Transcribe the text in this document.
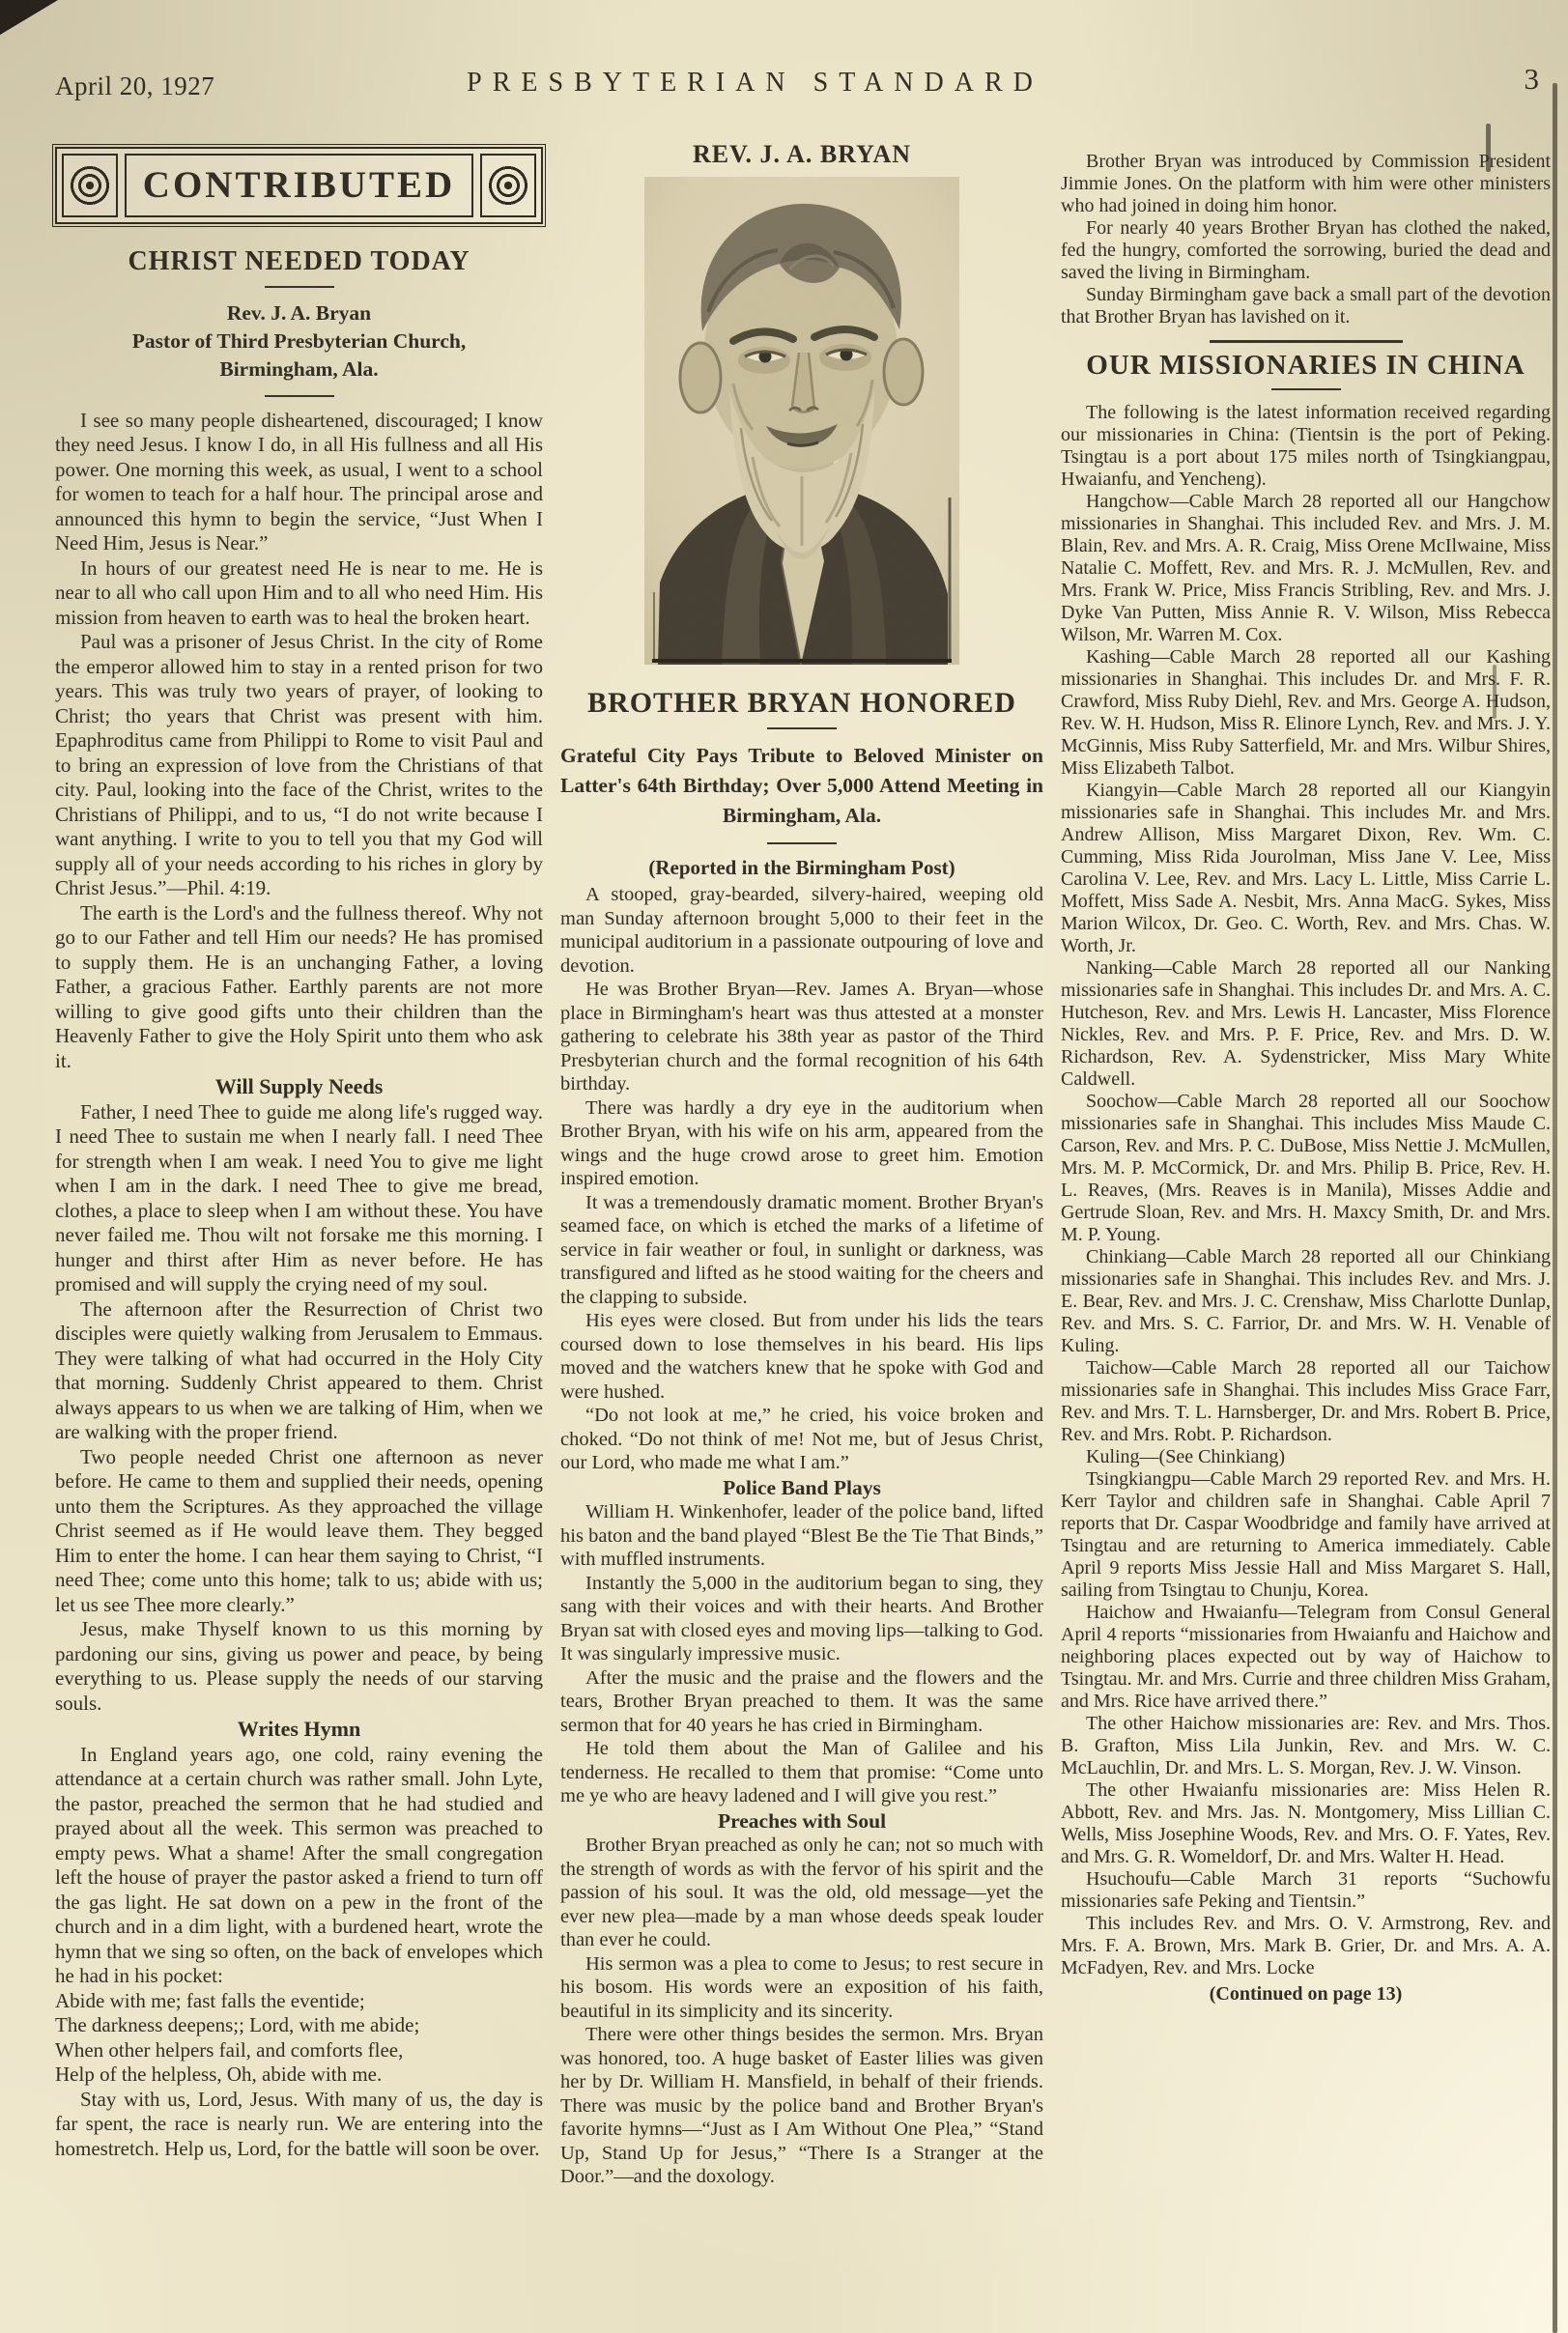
April 20, 1927	PRESBYTERIAN STANDARD	3
CONTRIBUTED
CHRIST NEEDED TODAY
Rev. J. A. Bryan
Pastor of Third Presbyterian Church,
Birmingham, Ala.

I see so many people disheartened, discouraged; I know they need Jesus. I know I do, in all His fullness and all His power. One morning this week, as usual, I went to a school for women to teach for a half hour. The principal arose and announced this hymn to begin the service, “Just When I Need Him, Jesus is Near.”

In hours of our greatest need He is near to me. He is near to all who call upon Him and to all who need Him. His mission from heaven to earth was to heal the broken heart.

Paul was a prisoner of Jesus Christ. In the city of Rome the emperor allowed him to stay in a rented prison for two years. This was truly two years of prayer, of looking to Christ; tho years that Christ was present with him. Epaphroditus came from Philippi to Rome to visit Paul and to bring an expression of love from the Christians of that city. Paul, looking into the face of the Christ, writes to the Christians of Philippi, and to us, “I do not write because I want anything. I write to you to tell you that my God will supply all of your needs according to his riches in glory by Christ Jesus.”—Phil. 4:19.

The earth is the Lord's and the fullness thereof. Why not go to our Father and tell Him our needs? He has promised to supply them. He is an unchanging Father, a loving Father, a gracious Father. Earthly parents are not more willing to give good gifts unto their children than the Heavenly Father to give the Holy Spirit unto them who ask it.

Will Supply Needs

Father, I need Thee to guide me along life's rugged way. I need Thee to sustain me when I nearly fall. I need Thee for strength when I am weak. I need You to give me light when I am in the dark. I need Thee to give me bread, clothes, a place to sleep when I am without these. You have never failed me. Thou wilt not forsake me this morning. I hunger and thirst after Him as never before. He has promised and will supply the crying need of my soul.

The afternoon after the Resurrection of Christ two disciples were quietly walking from Jerusalem to Emmaus. They were talking of what had occurred in the Holy City that morning. Suddenly Christ appeared to them. Christ always appears to us when we are talking of Him, when we are walking with the proper friend.

Two people needed Christ one afternoon as never before. He came to them and supplied their needs, opening unto them the Scriptures. As they approached the village Christ seemed as if He would leave them. They begged Him to enter the home. I can hear them saying to Christ, “I need Thee; come unto this home; talk to us; abide with us; let us see Thee more clearly.”

Jesus, make Thyself known to us this morning by pardoning our sins, giving us power and peace, by being everything to us. Please supply the needs of our starving souls.

Writes Hymn

In England years ago, one cold, rainy evening the attendance at a certain church was rather small. John Lyte, the pastor, preached the sermon that he had studied and prayed about all the week. This sermon was preached to empty pews. What a shame! After the small congregation left the house of prayer the pastor asked a friend to turn off the gas light. He sat down on a pew in the front of the church and in a dim light, with a burdened heart, wrote the hymn that we sing so often, on the back of envelopes which he had in his pocket:

Abide with me; fast falls the eventide;
The darkness deepens;; Lord, with me abide;
When other helpers fail, and comforts flee,
Help of the helpless, Oh, abide with me.

Stay with us, Lord, Jesus. With many of us, the day is far spent, the race is nearly run. We are entering into the homestretch. Help us, Lord, for the battle will soon be over.

REV. J. A. BRYAN
BROTHER BRYAN HONORED
Grateful City Pays Tribute to Beloved Minister on Latter's 64th Birthday; Over 5,000 Attend Meeting in Birmingham, Ala.
(Reported in the Birmingham Post)

A stooped, gray-bearded, silvery-haired, weeping old man Sunday afternoon brought 5,000 to their feet in the municipal auditorium in a passionate outpouring of love and devotion.

He was Brother Bryan—Rev. James A. Bryan—whose place in Birmingham's heart was thus attested at a monster gathering to celebrate his 38th year as pastor of the Third Presbyterian church and the formal recognition of his 64th birthday.

There was hardly a dry eye in the auditorium when Brother Bryan, with his wife on his arm, appeared from the wings and the huge crowd arose to greet him. Emotion inspired emotion.

It was a tremendously dramatic moment. Brother Bryan's seamed face, on which is etched the marks of a lifetime of service in fair weather or foul, in sunlight or darkness, was transfigured and lifted as he stood waiting for the cheers and the clapping to subside.

His eyes were closed. But from under his lids the tears coursed down to lose themselves in his beard. His lips moved and the watchers knew that he spoke with God and were hushed.

“Do not look at me,” he cried, his voice broken and choked. “Do not think of me! Not me, but of Jesus Christ, our Lord, who made me what I am.”

Police Band Plays

William H. Winkenhofer, leader of the police band, lifted his baton and the band played “Blest Be the Tie That Binds,” with muffled instruments.

Instantly the 5,000 in the auditorium began to sing, they sang with their voices and with their hearts. And Brother Bryan sat with closed eyes and moving lips—talking to God. It was singularly impressive music.

After the music and the praise and the flowers and the tears, Brother Bryan preached to them. It was the same sermon that for 40 years he has cried in Birmingham.

He told them about the Man of Galilee and his tenderness. He recalled to them that promise: “Come unto me ye who are heavy ladened and I will give you rest.”

Preaches with Soul

Brother Bryan preached as only he can; not so much with the strength of words as with the fervor of his spirit and the passion of his soul. It was the old, old message—yet the ever new plea—made by a man whose deeds speak louder than ever he could.

His sermon was a plea to come to Jesus; to rest secure in his bosom. His words were an exposition of his faith, beautiful in its simplicity and its sincerity.

There were other things besides the sermon. Mrs. Bryan was honored, too. A huge basket of Easter lilies was given her by Dr. William H. Mansfield, in behalf of their friends. There was music by the police band and Brother Bryan's favorite hymns—“Just as I Am Without One Plea,” “Stand Up, Stand Up for Jesus,” “There Is a Stranger at the Door.”—and the doxology.

Brother Bryan was introduced by Commission President Jimmie Jones. On the platform with him were other ministers who had joined in doing him honor.

For nearly 40 years Brother Bryan has clothed the naked, fed the hungry, comforted the sorrowing, buried the dead and saved the living in Birmingham.

Sunday Birmingham gave back a small part of the devotion that Brother Bryan has lavished on it.

OUR MISSIONARIES IN CHINA

The following is the latest information received regarding our missionaries in China: (Tientsin is the port of Peking. Tsingtau is a port about 175 miles north of Tsingkiangpau, Hwaianfu, and Yencheng).

Hangchow—Cable March 28 reported all our Hangchow missionaries in Shanghai. This included Rev. and Mrs. J. M. Blain, Rev. and Mrs. A. R. Craig, Miss Orene McIlwaine, Miss Natalie C. Moffett, Rev. and Mrs. R. J. McMullen, Rev. and Mrs. Frank W. Price, Miss Francis Stribling, Rev. and Mrs. J. Dyke Van Putten, Miss Annie R. V. Wilson, Miss Rebecca Wilson, Mr. Warren M. Cox.

Kashing—Cable March 28 reported all our Kashing missionaries in Shanghai. This includes Dr. and Mrs. F. R. Crawford, Miss Ruby Diehl, Rev. and Mrs. George A. Hudson, Rev. W. H. Hudson, Miss R. Elinore Lynch, Rev. and Mrs. J. Y. McGinnis, Miss Ruby Satterfield, Mr. and Mrs. Wilbur Shires, Miss Elizabeth Talbot.

Kiangyin—Cable March 28 reported all our Kiangyin missionaries safe in Shanghai. This includes Mr. and Mrs. Andrew Allison, Miss Margaret Dixon, Rev. Wm. C. Cumming, Miss Rida Jourolman, Miss Jane V. Lee, Miss Carolina V. Lee, Rev. and Mrs. Lacy L. Little, Miss Carrie L. Moffett, Miss Sade A. Nesbit, Mrs. Anna MacG. Sykes, Miss Marion Wilcox, Dr. Geo. C. Worth, Rev. and Mrs. Chas. W. Worth, Jr.

Nanking—Cable March 28 reported all our Nanking missionaries safe in Shanghai. This includes Dr. and Mrs. A. C. Hutcheson, Rev. and Mrs. Lewis H. Lancaster, Miss Florence Nickles, Rev. and Mrs. P. F. Price, Rev. and Mrs. D. W. Richardson, Rev. A. Sydenstricker, Miss Mary White Caldwell.

Soochow—Cable March 28 reported all our Soochow missionaries safe in Shanghai. This includes Miss Maude C. Carson, Rev. and Mrs. P. C. DuBose, Miss Nettie J. McMullen, Mrs. M. P. McCormick, Dr. and Mrs. Philip B. Price, Rev. H. L. Reaves, (Mrs. Reaves is in Manila), Misses Addie and Gertrude Sloan, Rev. and Mrs. H. Maxcy Smith, Dr. and Mrs. M. P. Young.

Chinkiang—Cable March 28 reported all our Chinkiang missionaries safe in Shanghai. This includes Rev. and Mrs. J. E. Bear, Rev. and Mrs. J. C. Crenshaw, Miss Charlotte Dunlap, Rev. and Mrs. S. C. Farrior, Dr. and Mrs. W. H. Venable of Kuling.

Taichow—Cable March 28 reported all our Taichow missionaries safe in Shanghai. This includes Miss Grace Farr, Rev. and Mrs. T. L. Harnsberger, Dr. and Mrs. Robert B. Price, Rev. and Mrs. Robt. P. Richardson.

Kuling—(See Chinkiang)

Tsingkiangpu—Cable March 29 reported Rev. and Mrs. H. Kerr Taylor and children safe in Shanghai. Cable April 7 reports that Dr. Caspar Woodbridge and family have arrived at Tsingtau and are returning to America immediately. Cable April 9 reports Miss Jessie Hall and Miss Margaret S. Hall, sailing from Tsingtau to Chunju, Korea.

Haichow and Hwaianfu—Telegram from Consul General April 4 reports “missionaries from Hwaianfu and Haichow and neighboring places expected out by way of Haichow to Tsingtau. Mr. and Mrs. Currie and three children Miss Graham, and Mrs. Rice have arrived there.”

The other Haichow missionaries are: Rev. and Mrs. Thos. B. Grafton, Miss Lila Junkin, Rev. and Mrs. W. C. McLauchlin, Dr. and Mrs. L. S. Morgan, Rev. J. W. Vinson.

The other Hwaianfu missionaries are: Miss Helen R. Abbott, Rev. and Mrs. Jas. N. Montgomery, Miss Lillian C. Wells, Miss Josephine Woods, Rev. and Mrs. O. F. Yates, Rev. and Mrs. G. R. Womeldorf, Dr. and Mrs. Walter H. Head.

Hsuchoufu—Cable March 31 reports “Suchowfu missionaries safe Peking and Tientsin.”

This includes Rev. and Mrs. O. V. Armstrong, Rev. and Mrs. F. A. Brown, Mrs. Mark B. Grier, Dr. and Mrs. A. A. McFadyen, Rev. and Mrs. Locke

(Continued on page 13)
